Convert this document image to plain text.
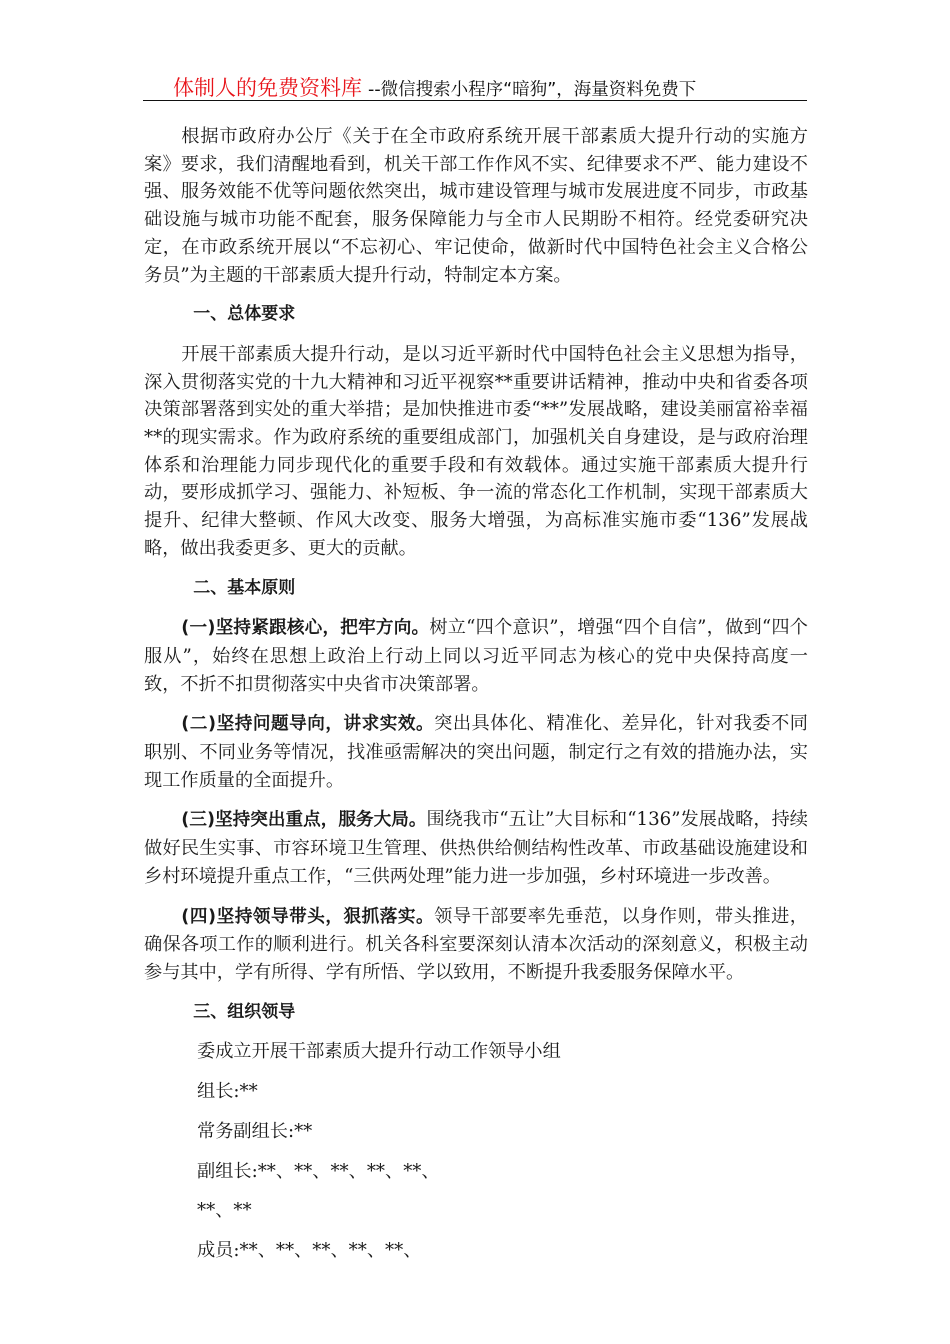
体制人的免费资料库 --微信搜索小程序“暗狗”，海量资料免费下

根据市政府办公厅《关于在全市政府系统开展干部素质大提升行动的实施方案》要求，我们清醒地看到，机关干部工作作风不实、纪律要求不严、能力建设不强、服务效能不优等问题依然突出，城市建设管理与城市发展进度不同步，市政基础设施与城市功能不配套，服务保障能力与全市人民期盼不相符。经党委研究决定，在市政系统开展以“不忘初心、牢记使命，做新时代中国特色社会主义合格公务员”为主题的干部素质大提升行动，特制定本方案。

一、总体要求

开展干部素质大提升行动，是以习近平新时代中国特色社会主义思想为指导，深入贯彻落实党的十九大精神和习近平视察**重要讲话精神，推动中央和省委各项决策部署落到实处的重大举措；是加快推进市委“**”发展战略，建设美丽富裕幸福**的现实需求。作为政府系统的重要组成部门，加强机关自身建设，是与政府治理体系和治理能力同步现代化的重要手段和有效载体。通过实施干部素质大提升行动，要形成抓学习、强能力、补短板、争一流的常态化工作机制，实现干部素质大提升、纪律大整顿、作风大改变、服务大增强，为高标准实施市委“136”发展战略，做出我委更多、更大的贡献。

二、基本原则

(一)坚持紧跟核心，把牢方向。树立“四个意识”，增强“四个自信”，做到“四个服从”，始终在思想上政治上行动上同以习近平同志为核心的党中央保持高度一致，不折不扣贯彻落实中央省市决策部署。

(二)坚持问题导向，讲求实效。突出具体化、精准化、差异化，针对我委不同职别、不同业务等情况，找准亟需解决的突出问题，制定行之有效的措施办法，实现工作质量的全面提升。

(三)坚持突出重点，服务大局。围绕我市“五让”大目标和“136”发展战略，持续做好民生实事、市容环境卫生管理、供热供给侧结构性改革、市政基础设施建设和乡村环境提升重点工作，“三供两处理”能力进一步加强，乡村环境进一步改善。

(四)坚持领导带头，狠抓落实。领导干部要率先垂范，以身作则，带头推进，确保各项工作的顺利进行。机关各科室要深刻认清本次活动的深刻意义，积极主动参与其中，学有所得、学有所悟、学以致用，不断提升我委服务保障水平。

三、组织领导

委成立开展干部素质大提升行动工作领导小组

组长:**

常务副组长:**

副组长:**、**、**、**、**、

**、**

成员:**、**、**、**、**、
